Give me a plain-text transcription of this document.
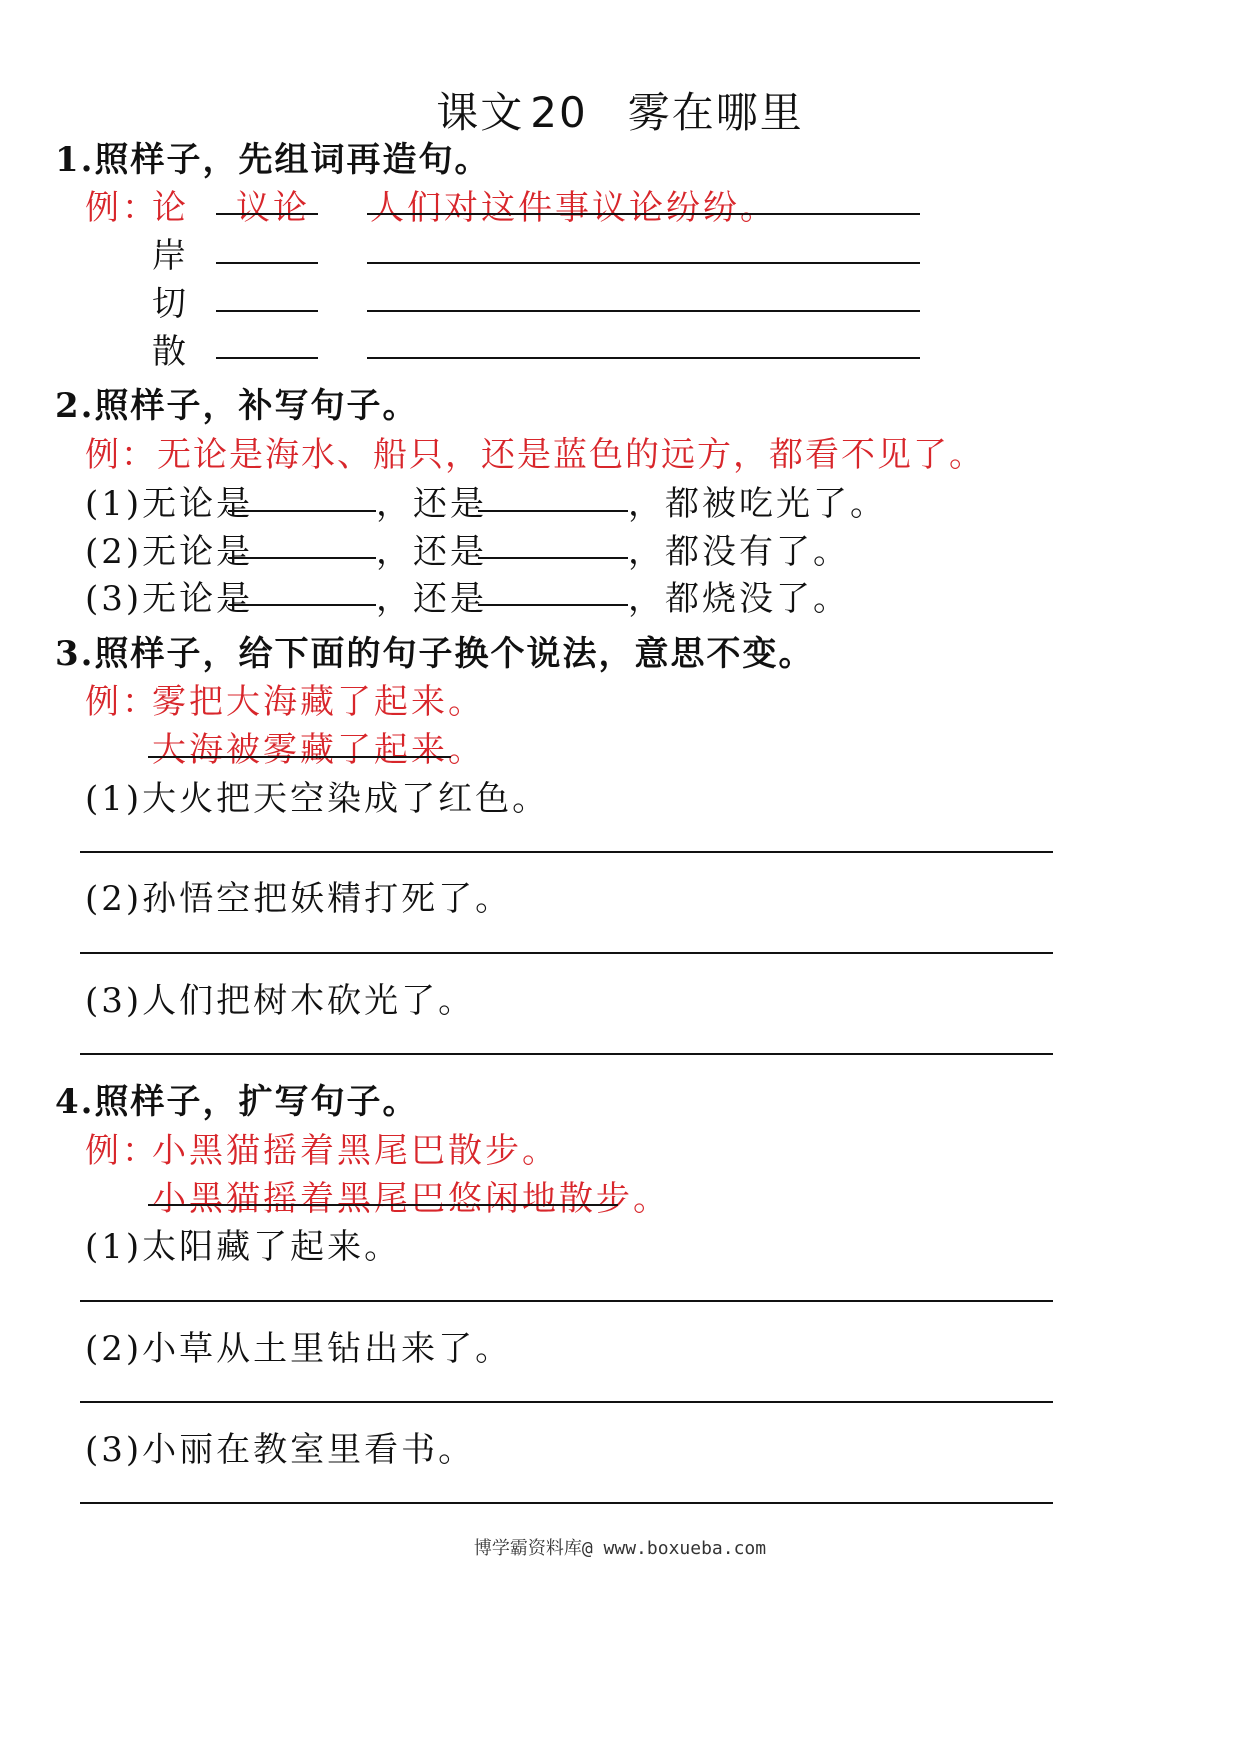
课文 20 雾在哪里
1.照样子，先组词再造句。
例：
论 议论 人们对这件事议论纷纷。
岸
切
散
2.照样子，补写句子。
例：无论是海水、船只，还是蓝色的远方，都看不见了。
(1)无论是	，还是	，都被吃光了。
(2)无论是	，还是	，都没有了。
(3)无论是	，还是	，都烧没了。
3.照样子，给下面的句子换个说法，意思不变。
例：
雾把大海藏了起来。
大海被雾藏了起来。
(1)大火把天空染成了红色。
(2)孙悟空把妖精打死了。
(3)人们把树木砍光了。
4.照样子，扩写句子。
例：
小黑猫摇着黑尾巴散步。
小黑猫摇着黑尾巴悠闲地散步。
(1)太阳藏了起来。
(2)小草从土里钻出来了。
(3)小丽在教室里看书。
博学霸资料库@ www.boxueba.com
